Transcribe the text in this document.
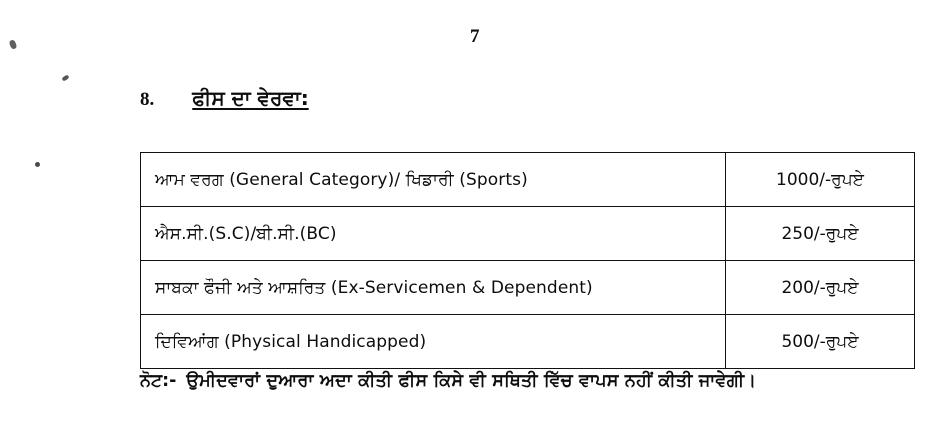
7
8. ਫੀਸ ਦਾ ਵੇਰਵਾ:
ਆਮ ਵਰਗ (General Category)/ ਖਿਡਾਰੀ (Sports)	1000/-ਰੁਪਏ
ਐਸ.ਸੀ.(S.C)/ਬੀ.ਸੀ.(BC)	250/-ਰੁਪਏ
ਸਾਬਕਾ ਫੌਜੀ ਅਤੇ ਆਸ਼ਰਿਤ (Ex-Servicemen & Dependent)	200/-ਰੁਪਏ
ਦਿਵਿਆਂਗ (Physical Handicapped)	500/-ਰੁਪਏ
ਨੋਟ:- ਉਮੀਦਵਾਰਾਂ ਦੁਆਰਾ ਅਦਾ ਕੀਤੀ ਫੀਸ ਕਿਸੇ ਵੀ ਸਥਿਤੀ ਵਿੱਚ ਵਾਪਸ ਨਹੀਂ ਕੀਤੀ ਜਾਵੇਗੀ।
